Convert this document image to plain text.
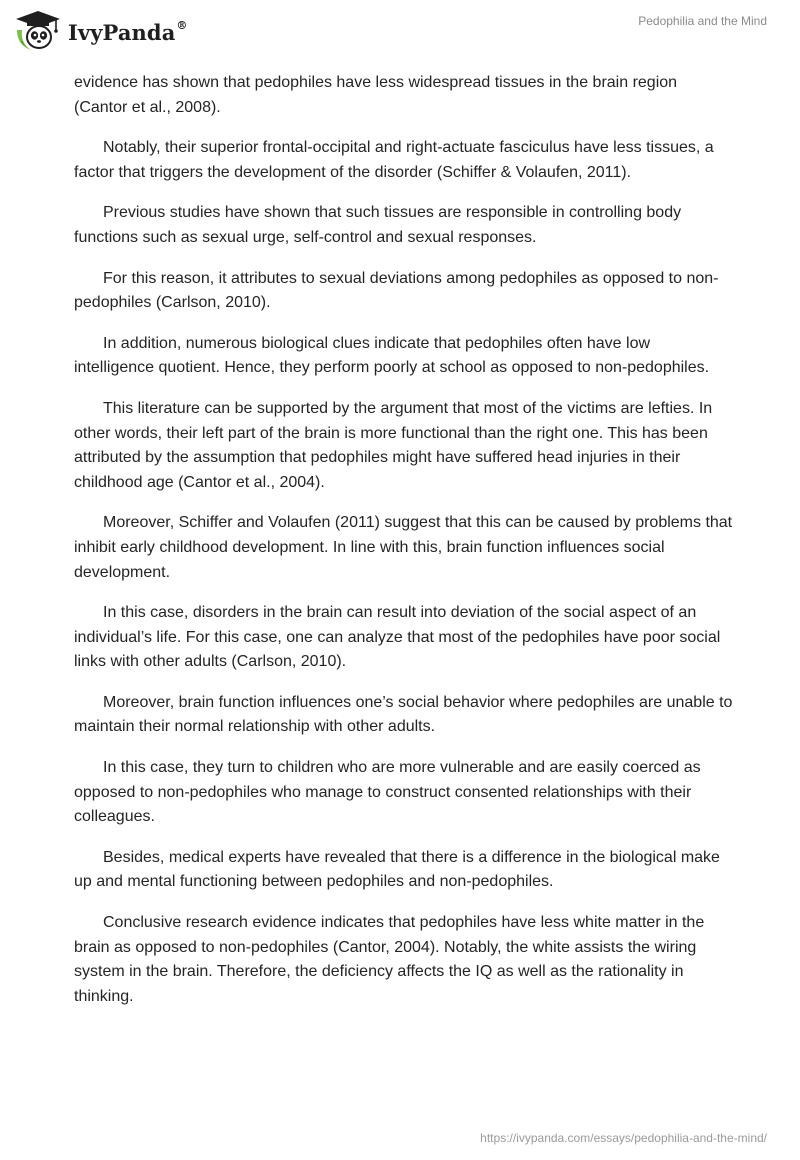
IvyPanda®	Pedophilia and the Mind

evidence has shown that pedophiles have less widespread tissues in the brain region (Cantor et al., 2008).

Notably, their superior frontal-occipital and right-actuate fasciculus have less tissues, a factor that triggers the development of the disorder (Schiffer & Volaufen, 2011).

Previous studies have shown that such tissues are responsible in controlling body functions such as sexual urge, self-control and sexual responses.

For this reason, it attributes to sexual deviations among pedophiles as opposed to non-pedophiles (Carlson, 2010).

In addition, numerous biological clues indicate that pedophiles often have low intelligence quotient. Hence, they perform poorly at school as opposed to non-pedophiles.

This literature can be supported by the argument that most of the victims are lefties. In other words, their left part of the brain is more functional than the right one. This has been attributed by the assumption that pedophiles might have suffered head injuries in their childhood age (Cantor et al., 2004).

Moreover, Schiffer and Volaufen (2011) suggest that this can be caused by problems that inhibit early childhood development. In line with this, brain function influences social development.

In this case, disorders in the brain can result into deviation of the social aspect of an individual’s life. For this case, one can analyze that most of the pedophiles have poor social links with other adults (Carlson, 2010).

Moreover, brain function influences one’s social behavior where pedophiles are unable to maintain their normal relationship with other adults.

In this case, they turn to children who are more vulnerable and are easily coerced as opposed to non-pedophiles who manage to construct consented relationships with their colleagues.

Besides, medical experts have revealed that there is a difference in the biological make up and mental functioning between pedophiles and non-pedophiles.

Conclusive research evidence indicates that pedophiles have less white matter in the brain as opposed to non-pedophiles (Cantor, 2004). Notably, the white assists the wiring system in the brain. Therefore, the deficiency affects the IQ as well as the rationality in thinking.

https://ivypanda.com/essays/pedophilia-and-the-mind/
